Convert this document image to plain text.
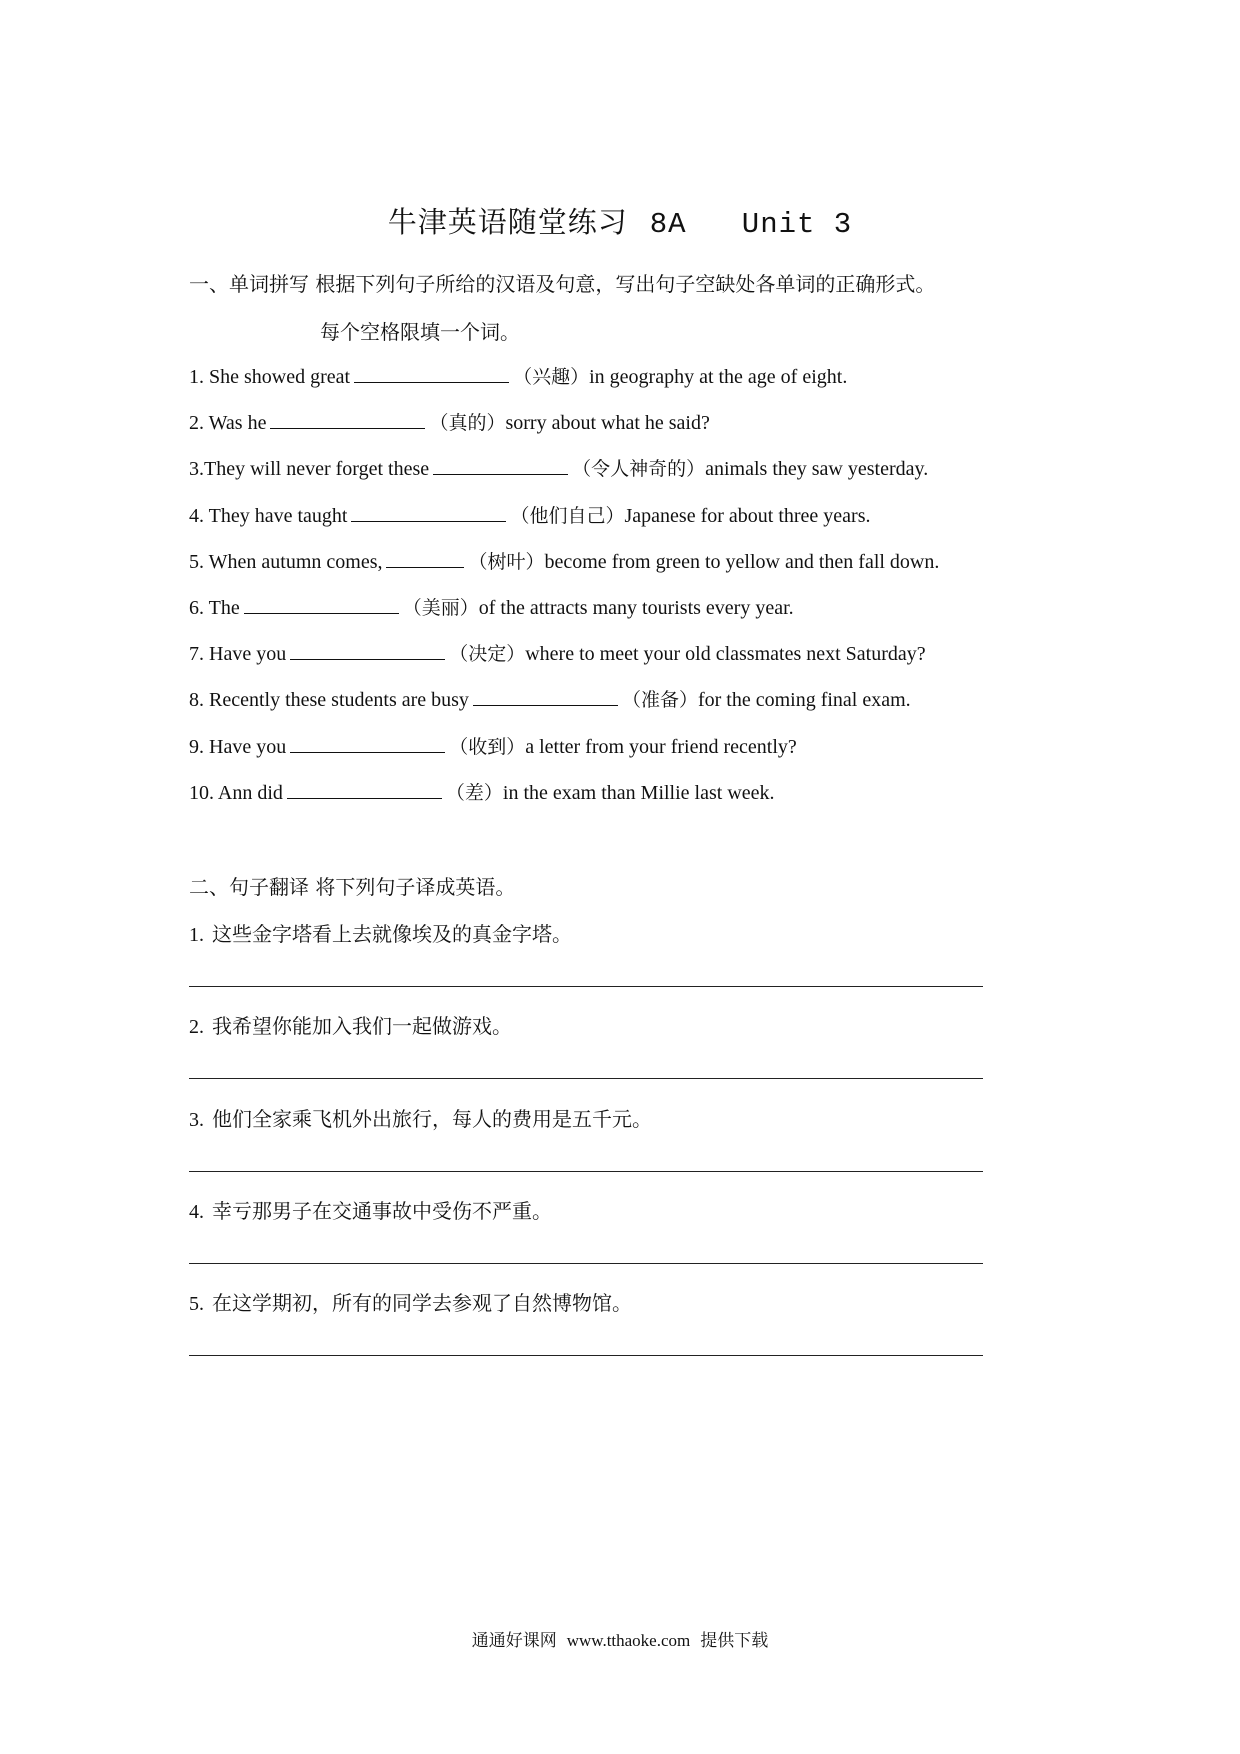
牛津英语随堂练习 8A   Unit 3
一、单词拼写 根据下列句子所给的汉语及句意，写出句子空缺处各单词的正确形式。
每个空格限填一个词。
1. She showed great	（兴趣）in geography at the age of eight.
2. Was he	（真的）sorry about what he said?
3.They will never forget these	（令人神奇的）animals they saw yesterday.
4. They have taught	（他们自己）Japanese for about three years.
5. When autumn comes,	（树叶）become from green to yellow and then fall down.
6. The	（美丽）of the attracts many tourists every year.
7. Have you	（决定）where to meet your old classmates next Saturday?
8. Recently these students are busy	（准备）for the coming final exam.
9. Have you	（收到）a letter from your friend recently?
10. Ann did	（差）in the exam than Millie last week.
二、句子翻译 将下列句子译成英语。
1. 这些金字塔看上去就像埃及的真金字塔。
2. 我希望你能加入我们一起做游戏。
3. 他们全家乘飞机外出旅行，每人的费用是五千元。
4. 幸亏那男子在交通事故中受伤不严重。
5. 在这学期初，所有的同学去参观了自然博物馆。
通通好课网 www.tthaoke.com 提供下载
